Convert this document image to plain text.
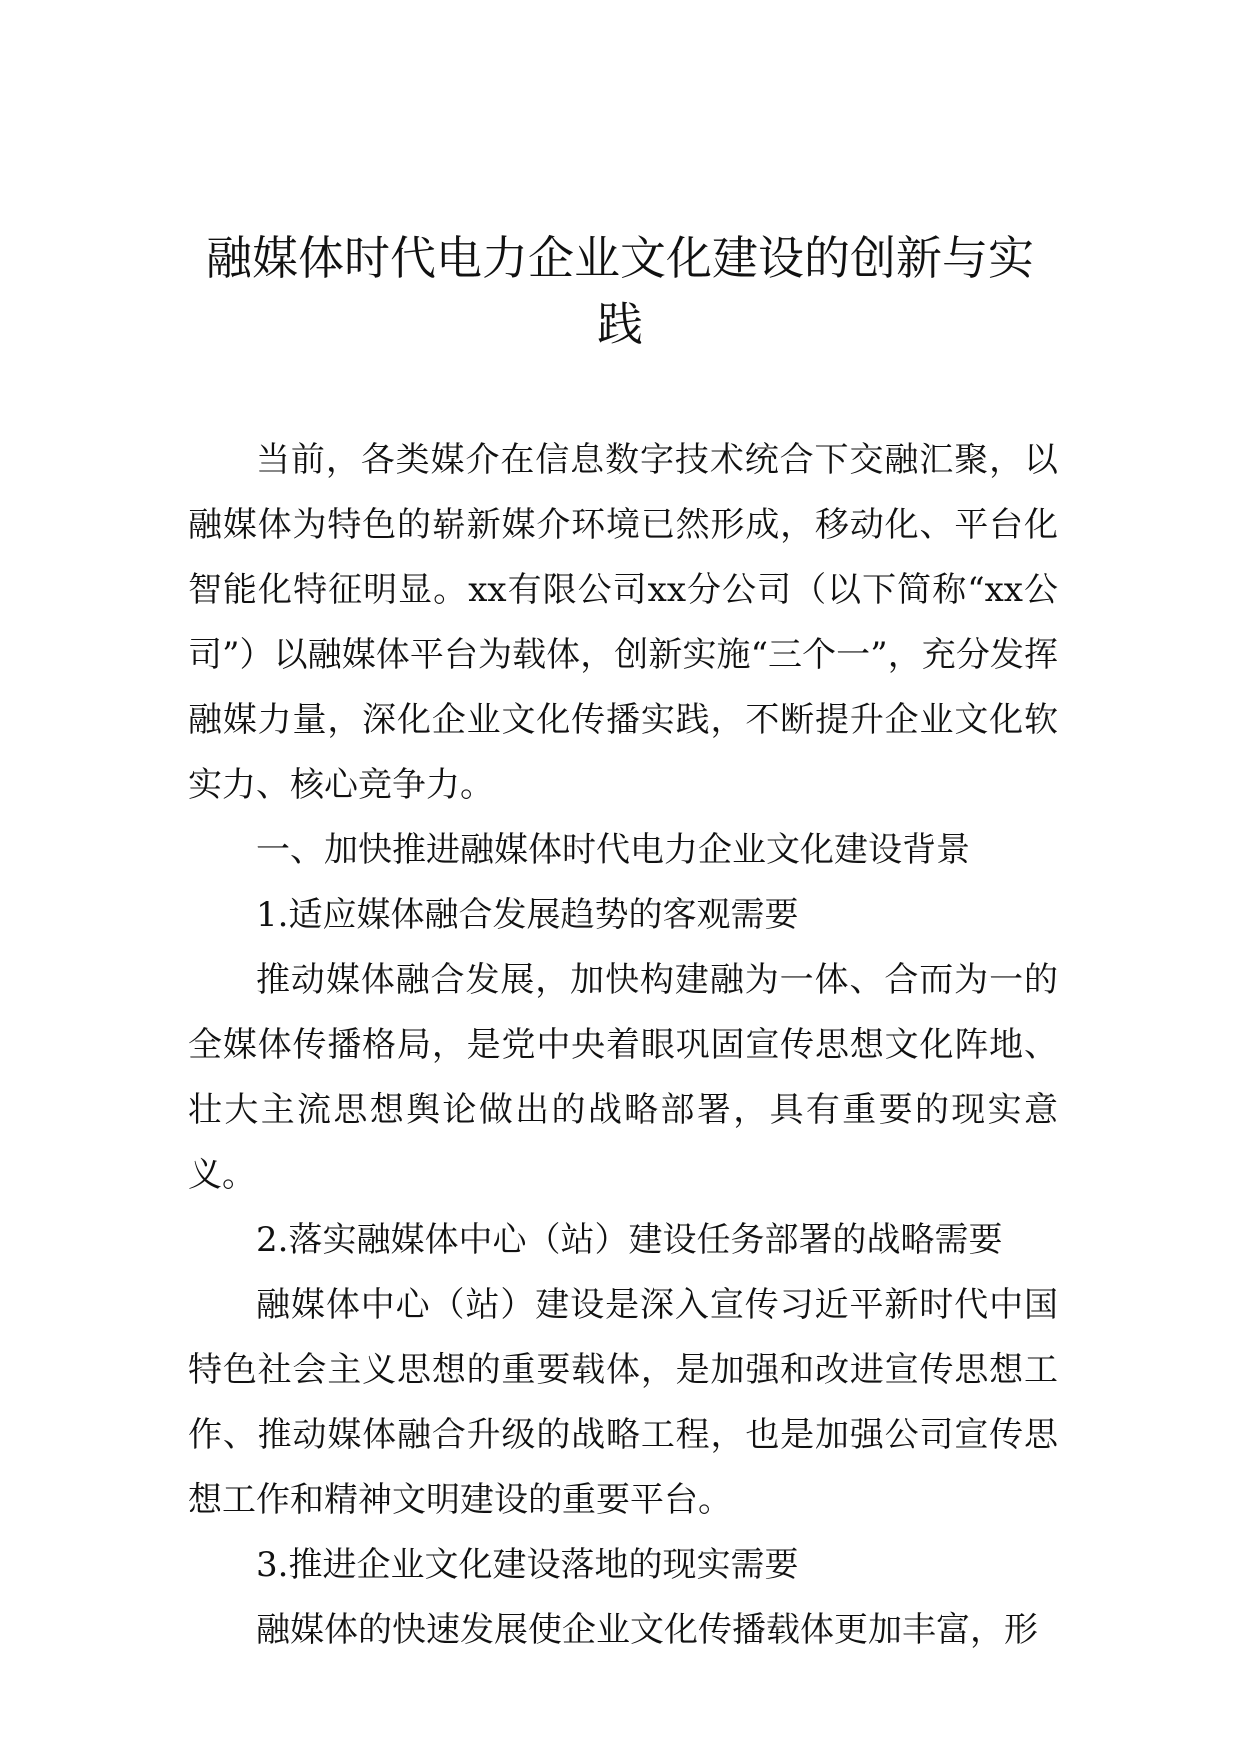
融媒体时代电力企业文化建设的创新与实践

当前，各类媒介在信息数字技术统合下交融汇聚，以融媒体为特色的崭新媒介环境已然形成，移动化、平台化智能化特征明显。xx有限公司xx分公司（以下简称“xx公司”）以融媒体平台为载体，创新实施“三个一”，充分发挥融媒力量，深化企业文化传播实践，不断提升企业文化软实力、核心竞争力。

一、加快推进融媒体时代电力企业文化建设背景

1.适应媒体融合发展趋势的客观需要

推动媒体融合发展，加快构建融为一体、合而为一的全媒体传播格局，是党中央着眼巩固宣传思想文化阵地、壮大主流思想舆论做出的战略部署，具有重要的现实意义。

2.落实融媒体中心（站）建设任务部署的战略需要

融媒体中心（站）建设是深入宣传习近平新时代中国特色社会主义思想的重要载体，是加强和改进宣传思想工作、推动媒体融合升级的战略工程，也是加强公司宣传思想工作和精神文明建设的重要平台。

3.推进企业文化建设落地的现实需要

融媒体的快速发展使企业文化传播载体更加丰富，形
